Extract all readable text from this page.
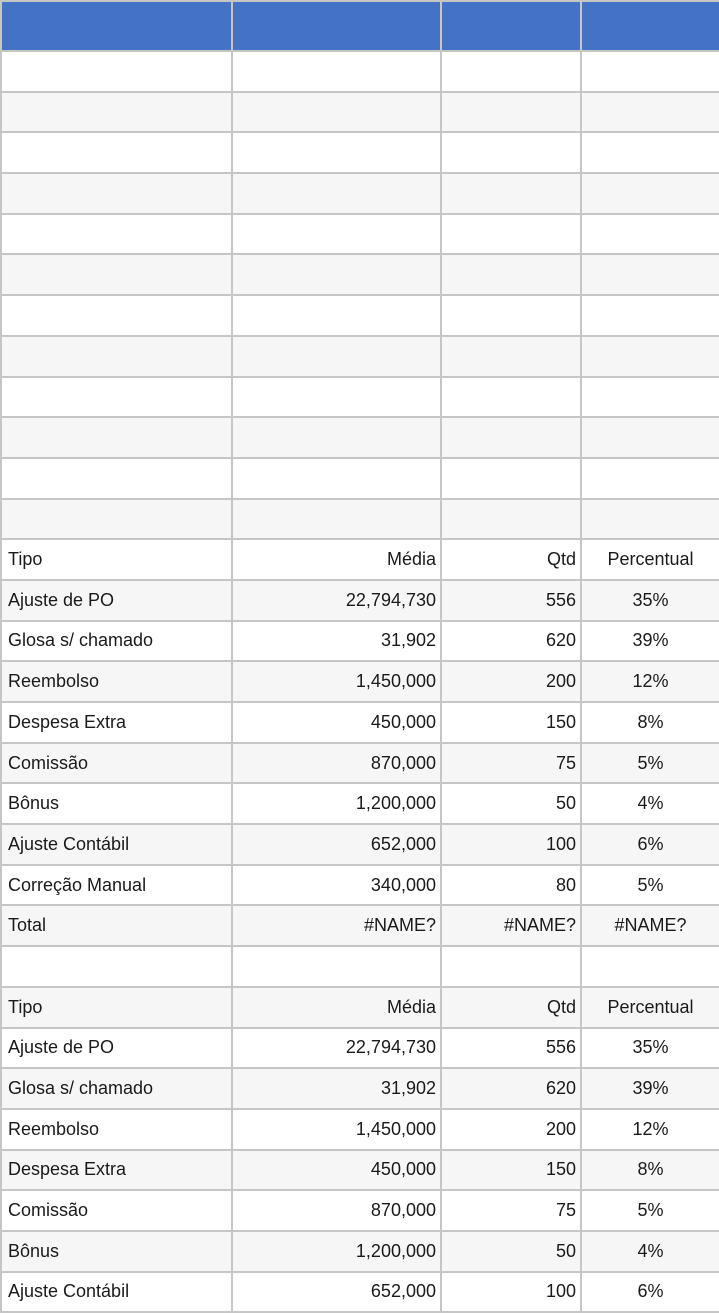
Tipo	Média	Qtd	Percentual
Ajuste de PO	22,794,730	556	35%
Glosa s/ chamado	31,902	620	39%
Reembolso	1,450,000	200	12%
Despesa Extra	450,000	150	8%
Comissão	870,000	75	5%
Bônus	1,200,000	50	4%
Ajuste Contábil	652,000	100	6%
Correção Manual	340,000	80	5%
Total	#NAME?	#NAME?	#NAME?

Tipo	Média	Qtd	Percentual
Ajuste de PO	22,794,730	556	35%
Glosa s/ chamado	31,902	620	39%
Reembolso	1,450,000	200	12%
Despesa Extra	450,000	150	8%
Comissão	870,000	75	5%
Bônus	1,200,000	50	4%
Ajuste Contábil	652,000	100	6%
